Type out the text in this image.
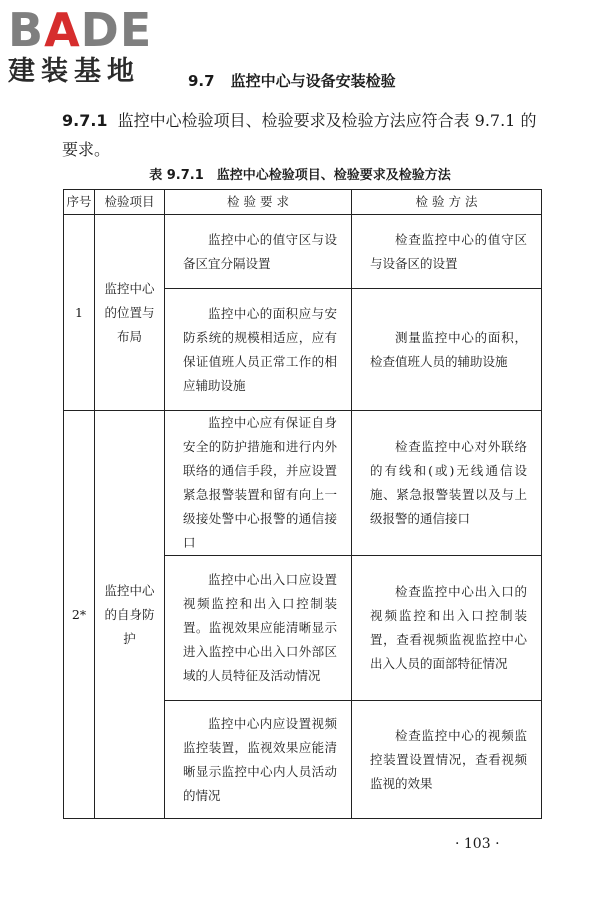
BADE
建装基地	9.7 监控中心与设备安装检验
9.7.1 监控中心检验项目、检验要求及检验方法应符合表 9.7.1 的要求。
表 9.7.1　监控中心检验项目、检验要求及检验方法
序号	检验项目	检 验 要 求	检 验 方 法
1	监控中心的位置与布局	监控中心的值守区与设备区宜分隔设置	检查监控中心的值守区与设备区的设置

		监控中心的面积应与安防系统的规模相适应，应有保证值班人员正常工作的相应辅助设施	测量监控中心的面积，检查值班人员的辅助设施

2*	监控中心的自身防护	监控中心应有保证自身安全的防护措施和进行内外联络的通信手段，并应设置紧急报警装置和留有向上一级接处警中心报警的通信接口	检查监控中心对外联络的有线和(或)无线通信设施、紧急报警装置以及与上级报警的通信接口

		监控中心出入口应设置视频监控和出入口控制装置。监视效果应能清晰显示进入监控中心出入口外部区域的人员特征及活动情况	检查监控中心出入口的视频监控和出入口控制装置，查看视频监视监控中心出入人员的面部特征情况

		监控中心内应设置视频监控装置，监视效果应能清晰显示监控中心内人员活动的情况	检查监控中心的视频监控装置设置情况，查看视频监视的效果
· 103 ·
